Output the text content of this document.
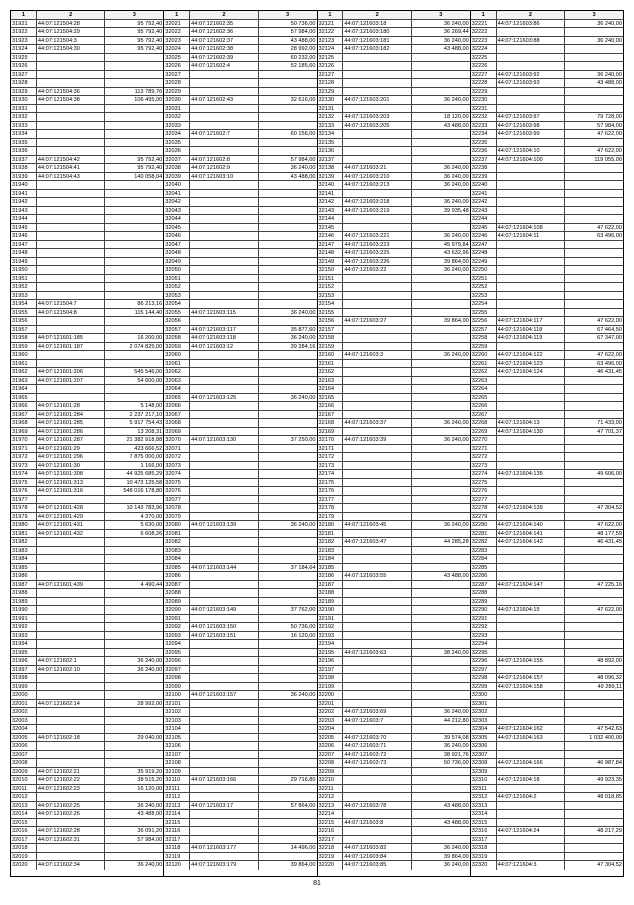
1	2	3
31921	44:07:121504:28	95 792,40
31922	44:07:121504:29	95 792,40
31923	44:07:121504:3	95 792,40
31924	44:07:121504:30	95 792,40
31925
31926
31927
31928
31929	44:07:121504:36	113 789,76
31930	44:07:121504:38	106 495,00
31931
31932
31933
31934
31935
31936
31937	44:07:121504:42	95 792,40
31938	44:07:121504:41	95 792,40
31939	44:07:121504:43	140 058,04
31940
31941
31942
31943
31944
31945
31946
31947
31948
31949
31950
31951
31952
31953
31954	44:07:121504:7	86 213,16
31955	44:07:121504:8	115 144,40
31956
31957
31958	44:07:121601:185	16 200,00
31959	44:07:121601:187	2 074 825,00
31960
31961
31962	44:07:121601:206	545 546,00
31963	44:07:121601:207	54 600,00
31964
31965
31966	44:07:121601:28	5 148,00
31967	44:07:121601:284	2 237 217,10
31968	44:07:121601:285	5 917 754,43
31969	44:07:121601:286	13 208,31
31970	44:07:121601:287	21 382 918,88
31971	44:07:121601:29	423 666,52
31972	44:07:121601:296	7 875 000,00
31973	44:07:121601:30	1 166,00
31974	44:07:121601:308	44 925 685,29
31975	44:07:121601:313	10 473 125,58
31976	44:07:121601:316	548 016 178,80
31977
31978	44:07:121601:428	10 143 783,96
31979	44:07:121601:429	4 370,00
31980	44:07:121601:431	5 630,00
31981	44:07:121601:432	6 608,26
31982
31983
31984
31985
31986
31987	44:07:121601:439	4 490,44
31988
31989
31990
31991
31992
31993
31994
31995
31996	44:07:121602:1	36 240,00
31997	44:07:121602:10	36 240,00
31998
31999
32000
32001	44:07:121602:14	28 992,00
32002
32003
32004
32005	44:07:121602:18	29 040,00
32006
32007
32008
32009	44:07:121602:21	35 919,20
32010	44:07:121602:22	38 515,20
32011	44:07:121602:23	16 120,00
32012
32013	44:07:121602:25	36 240,00
32014	44:07:121602:26	43 488,00
32015
32016	44:07:121602:28	36 091,20
32017	44:07:121602:31	57 984,00
32018
32019
32020	44:07:121602:34	36 240,00
1	2	3
32021	44:07:121602:35	50 736,00
32022	44:07:121602:36	57 984,00
32023	44:07:121602:37	43 488,00
32024	44:07:121602:38	28 992,00
32025	44:07:121602:39	60 232,00
32026	44:07:121602:4	52 185,60
32027
32028
32029
32030	44:07:121602:43	32 616,00
32031
32032
32033
32034	44:07:121602:7	60 156,00
32035
32036
32037	44:07:121602:8	57 984,00
32038	44:07:121602:9	36 240,00
32039	44:07:121603:10	43 488,00
32040
32041
32042
32043
32044
32045
32046
32047
32048
32049
32050
32051
32052
32053
32054
32055	44:07:121603:115	36 240,00
32056
32057	44:07:121603:117	35 877,60
32058	44:07:121603:118	36 240,00
32059	44:07:121603:12	39 284,16
32060
32061
32062
32063
32064
32065	44:07:121603:125	36 240,00
32066
32067
32068
32069
32070	44:07:121603:130	37 250,00
32071
32072
32073
32074
32075
32076
32077
32078
32079
32080	44:07:121603:139	36 240,00
32081
32082
32083
32084
32085	44:07:121603:144	37 184,64
32086
32087
32088
32089
32090	44:07:121603:149	37 762,00
32091
32092	44:07:121603:150	50 736,00
32093	44:07:121603:151	16 120,00
32094
32095
32096
32097
32098
32099
32100	44:07:121603:157	36 240,00
32101
32102
32103
32104
32105
32106
32107
32108
32109
32110	44:07:121603:166	29 716,80
32111
32112
32113	44:07:121603:17	57 864,00
32114
32115
32116
32117
32118	44:07:121603:177	14 496,00
32119
32120	44:07:121603:179	39 864,00
1	2	3
32121	44:07:121603:18	36 240,00
32122	44:07:121603:180	36 269,44
32123	44:07:121603:181	36 240,00
32124	44:07:121603:182	43 488,00
32125
32126
32127
32128
32129
32130	44:07:121603:201	36 240,00
32131
32132	44:07:121603:203	18 120,00
32133	44:07:121603:205	43 488,00
32134
32135
32136
32137
32138	44:07:121603:21	36 240,00
32139	44:07:121603:210	36 240,00
32140	44:07:121603:213	36 240,00
32141
32142	44:07:121603:218	36 240,00
32143	44:07:121603:219	39 935,48
32144
32145
32146	44:07:121603:221	36 240,00
32147	44:07:121603:223	45 979,84
32148	44:07:121603:225	43 632,96
32149	44:07:121603:226	39 864,00
32150	44:07:121603:22	36 240,00
32151
32152
32153
32154
32155
32156	44:07:121603:27	39 864,00
32157
32158
32159
32160	44:07:121603:3	36 240,00
32161
32162
32163
32164
32165
32166
32167
32168	44:07:121603:37	36 240,00
32169
32170	44:07:121603:39	36 240,00
32171
32172
32173
32174
32175
32176
32177
32178
32179
32180	44:07:121603:45	36 240,00
32181
32182	44:07:121603:47	44 285,28
32183
32184
32185
32186	44:07:121603:55	43 488,00
32187
32188
32189
32190
32191
32192
32193
32194
32195	44:07:121603:63	38 240,00
32196
32197
32198
32199
32200
32201
32202	44:07:121603:69	36 240,00
32203	44:07:121603:7	44 212,80
32204
32205	44:07:121603:70	39 574,08
32206	44:07:121603:71	36 240,00
32207	44:07:121603:72	38 921,76
32208	44:07:121603:73	50 736,00
32209
32210
32211
32212
32213	44:07:121603:78	43 488,00
32214
32215	44:07:121603:8	43 488,00
32216
32217
32218	44:07:121603:82	36 240,00
32219	44:07:121603:84	39 864,00
32220	44:07:121603:85	36 240,00
1	2	3
32221	44:07:121603:86	36 240,00
32222
32223	44:07:121603:88	36 240,00
32224
32225
32226
32227	44:07:121603:92	36 240,00
32228	44:07:121603:93	43 488,00
32229
32230
32231
32232	44:07:121603:97	79 728,00
32233	44:07:121603:98	57 984,00
32234	44:07:121603:99	47 622,00
32235
32236	44:07:121604:10	47 622,00
32237	44:07:121604:100	119 055,00
32238
32239
32240
32241
32242
32243
32244
32245	44:07:121604:108	47 622,00
32246	44:07:121604:11	63 496,00
32247
32248
32249
32250
32251
32252
32253
32254
32255
32256	44:07:121604:117	47 622,00
32257	44:07:121604:118	67 464,50
32258	44:07:121604:119	67 347,00
32259
32260	44:07:121604:122	47 622,00
32261	44:07:121604:123	63 496,00
32262	44:07:121604:124	46 431,45
32263
32264
32265
32266
32267
32268	44:07:121604:13	71 433,00
32269	44:07:121604:130	47 701,37
32270
32271
32272
32273
32274	44:07:121604:135	49 606,00
32275
32276
32277
32278	44:07:121604:139	47 304,52
32279
32280	44:07:121604:140	47 622,00
32281	44:07:121604:141	48 177,59
32282	44:07:121604:142	46 431,45
32283
32284
32285
32286
32287	44:07:121604:147	47 225,16
32288
32289
32290	44:07:121604:15	47 622,00
32291
32292
32293
32294
32295
32296	44:07:121604:155	48 892,00
32297
32298	44:07:121604:157	48 096,32
32299	44:07:121604:158	49 289,11
32300
32301
32302
32303
32304	44:07:121604:162	47 542,63
32305	44:07:121604:163	1 032 400,00
32306
32307
32308	44:07:121604:166	46 987,84
32309
32310	44:07:121604:18	49 923,35
32311
32312	44:07:121604:2	48 018,85
32313
32314
32315
32316	44:07:121604:24	48 217,29
32317
32318
32319
32320	44:07:121604:3	47 304,52
81
